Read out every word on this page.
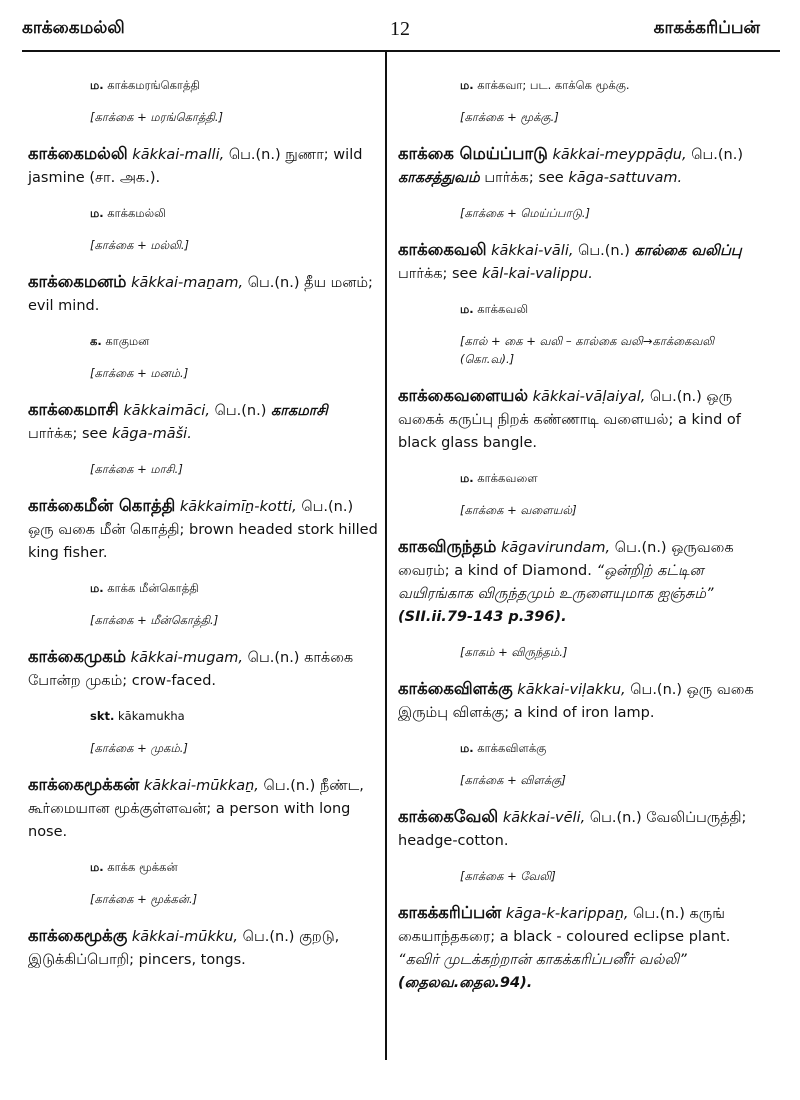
காக்கைமல்லி	12	காகக்கரிப்பன்
ம. காக்கமரங்கொத்தி
[காக்கை + மரங்கொத்தி.]
காக்கைமல்லி kākkai-malli, பெ.(n.) நுணா; wild jasmine (சா. அக.).
ம. காக்கமல்லி
[காக்கை + மல்லி.]
காக்கைமனம் kākkai-maṉam, பெ.(n.) தீய மனம்; evil mind.
க. காகுமன
[காக்கை + மனம்.]
காக்கைமாசி kākkaimāci, பெ.(n.) காகமாசி பார்க்க; see kāga-māši.
[காக்கை + மாசி.]
காக்கைமீன் கொத்தி kākkaimīṉ-kotti, பெ.(n.) ஒரு வகை மீன் கொத்தி; brown headed stork hilled king fisher.
ம. காக்க மீன்கொத்தி
[காக்கை + மீன்கொத்தி.]
காக்கைமுகம் kākkai-mugam, பெ.(n.) காக்கை போன்ற முகம்; crow-faced.
skt. kākamukha
[காக்கை + முகம்.]
காக்கைமூக்கன் kākkai-mūkkaṉ, பெ.(n.) நீண்ட, கூர்மையான மூக்குள்ளவன்; a person with long nose.
ம. காக்க மூக்கன்
[காக்கை + மூக்கன்.]
காக்கைமூக்கு kākkai-mūkku, பெ.(n.) குறடு, இடுக்கிப்பொறி; pincers, tongs.
ம. காக்கவா; பட. காக்கெ மூக்கு.
[காக்கை + மூக்கு.]
காக்கை மெய்ப்பாடு kākkai-meyppāḍu, பெ.(n.) காகசத்துவம் பார்க்க; see kāga-sattuvam.
[காக்கை + மெய்ப்பாடு.]
காக்கைவலி kākkai-vāli, பெ.(n.) கால்கை வலிப்பு பார்க்க; see kāl-kai-valippu.
ம. காக்கவலி
[கால் + கை + வலி – கால்கை வலி→காக்கைவலி (கொ.வ).]
காக்கைவளையல் kākkai-vāḷaiyal, பெ.(n.) ஒரு வகைக் கருப்பு நிறக் கண்ணாடி வளையல்; a kind of black glass bangle.
ம. காக்கவளை
[காக்கை + வளையல்]
காகவிருந்தம் kāgavirundam, பெ.(n.) ஒருவகை வைரம்; a kind of Diamond. “ஒன்றிற் கட்டின வயிரங்காக விருந்தமும் உருளையுமாக ஐஞ்சும்” (SII.ii.79-143 p.396).
[காகம் + விருந்தம்.]
காக்கைவிளக்கு kākkai-viḷakku, பெ.(n.) ஒரு வகை இரும்பு விளக்கு; a kind of iron lamp.
ம. காக்கவிளக்கு
[காக்கை + விளக்கு]
காக்கைவேலி kākkai-vēli, பெ.(n.) வேலிப்பருத்தி; headge-cotton.
[காக்கை + வேலி]
காகக்கரிப்பன் kāga-k-karippaṉ, பெ.(n.) கருங் கையாந்தகரை; a black - coloured eclipse plant. “கவிர் முடக்கற்றான் காகக்கரிப்பனீர் வல்லி” (தைலவ.தைல.94).
